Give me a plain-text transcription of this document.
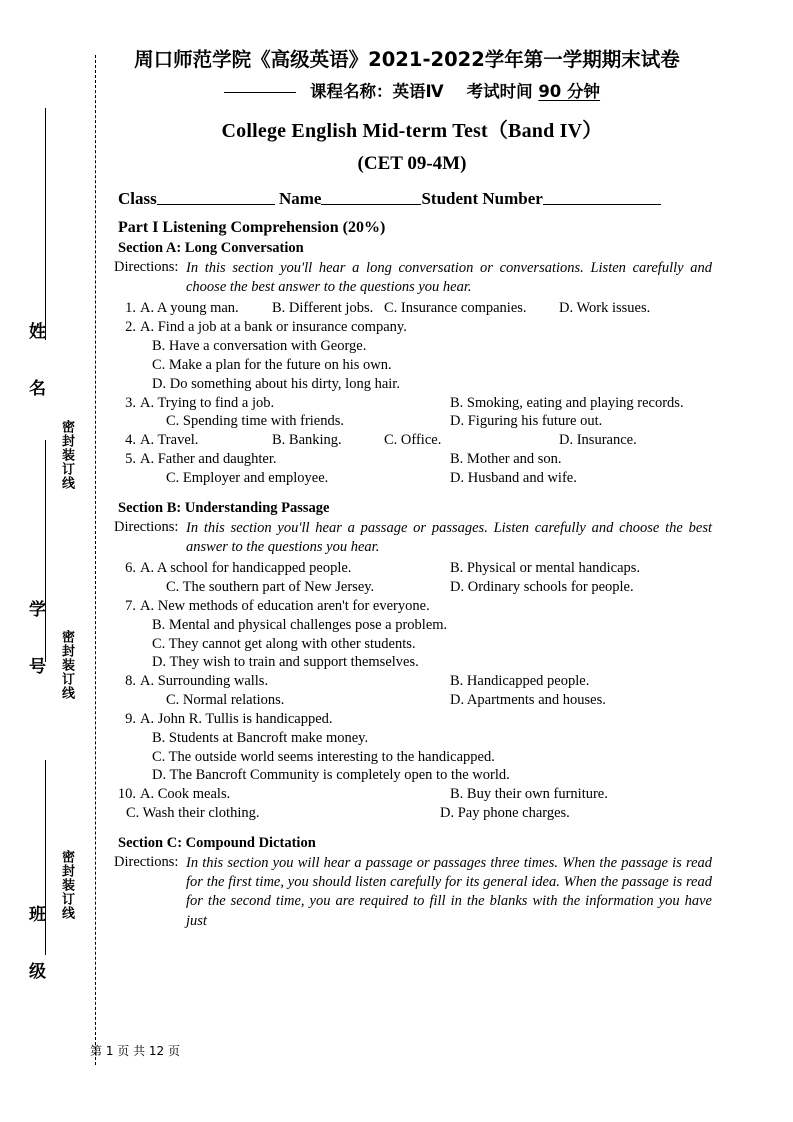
姓 名
学 号
班 级
密封装订线
密封装订线
密封装订线
周口师范学院《高级英语》2021-2022学年第一学期期末试卷
课程名称：英语Ⅳ 考试时间 90 分钟
College English Mid-term Test（Band IV）
(CET 09-4M)
Class	Name	Student Number
Part I Listening Comprehension (20%)
Section A: Long Conversation
Directions: In this section you'll hear a long conversation or conversations. Listen carefully and choose the best answer to the questions you hear.
1. A. A young man. B. Different jobs. C. Insurance companies. D. Work issues.
2. A. Find a job at a bank or insurance company.
B. Have a conversation with George.
C. Make a plan for the future on his own.
D. Do something about his dirty, long hair.
3. A. Trying to find a job.	B. Smoking, eating and playing records.
C. Spending time with friends.	D. Figuring his future out.
4. A. Travel.	B. Banking.	C. Office.	D. Insurance.
5. A. Father and daughter.	B. Mother and son.
C. Employer and employee.	D. Husband and wife.
Section B: Understanding Passage
Directions: In this section you'll hear a passage or passages. Listen carefully and choose the best answer to the questions you hear.
6. A. A school for handicapped people.	B. Physical or mental handicaps.
C. The southern part of New Jersey.	D. Ordinary schools for people.
7. A. New methods of education aren't for everyone.
B. Mental and physical challenges pose a problem.
C. They cannot get along with other students.
D. They wish to train and support themselves.
8. A. Surrounding walls.	B. Handicapped people.
C. Normal relations.	D. Apartments and houses.
9. A. John R. Tullis is handicapped.
B. Students at Bancroft make money.
C. The outside world seems interesting to the handicapped.
D. The Bancroft Community is completely open to the world.
10. A. Cook meals.	B. Buy their own furniture.
C. Wash their clothing.	D. Pay phone charges.
Section C: Compound Dictation
Directions: In this section you will hear a passage or passages three times. When the passage is read for the first time, you should listen carefully for its general idea. When the passage is read for the second time, you are required to fill in the blanks with the information you have just
第 1 页 共 12 页
